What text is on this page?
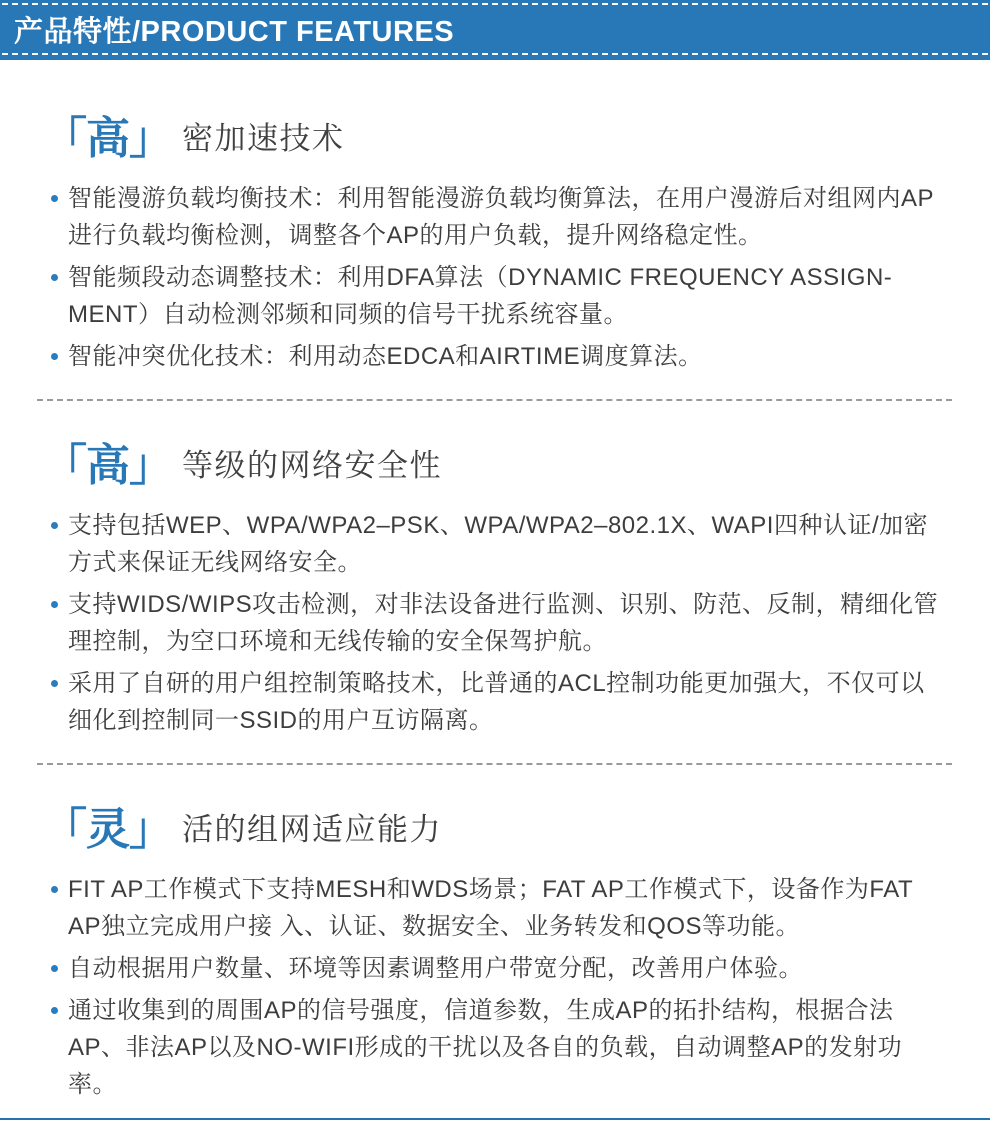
产品特性/PRODUCT FEATURES
「高」 密加速技术
智能漫游负载均衡技术：利用智能漫游负载均衡算法，在用户漫游后对组网内AP进行负载均衡检测，调整各个AP的用户负载，提升网络稳定性。
智能频段动态调整技术：利用DFA算法（DYNAMIC FREQUENCY ASSIGN-MENT）自动检测邻频和同频的信号干扰系统容量。
智能冲突优化技术：利用动态EDCA和AIRTIME调度算法。
「高」 等级的网络安全性
支持包括WEP、WPA/WPA2–PSK、WPA/WPA2–802.1X、WAPI四种认证/加密方式来保证无线网络安全。
支持WIDS/WIPS攻击检测，对非法设备进行监测、识别、防范、反制，精细化管理控制，为空口环境和无线传输的安全保驾护航。
采用了自研的用户组控制策略技术，比普通的ACL控制功能更加强大，不仅可以细化到控制同一SSID的用户互访隔离。
「灵」 活的组网适应能力
FIT AP工作模式下支持MESH和WDS场景；FAT AP工作模式下，设备作为FAT AP独立完成用户接 入、认证、数据安全、业务转发和QOS等功能。
自动根据用户数量、环境等因素调整用户带宽分配，改善用户体验。
通过收集到的周围AP的信号强度，信道参数，生成AP的拓扑结构，根据合法AP、非法AP以及NO-WIFI形成的干扰以及各自的负载，自动调整AP的发射功率。
